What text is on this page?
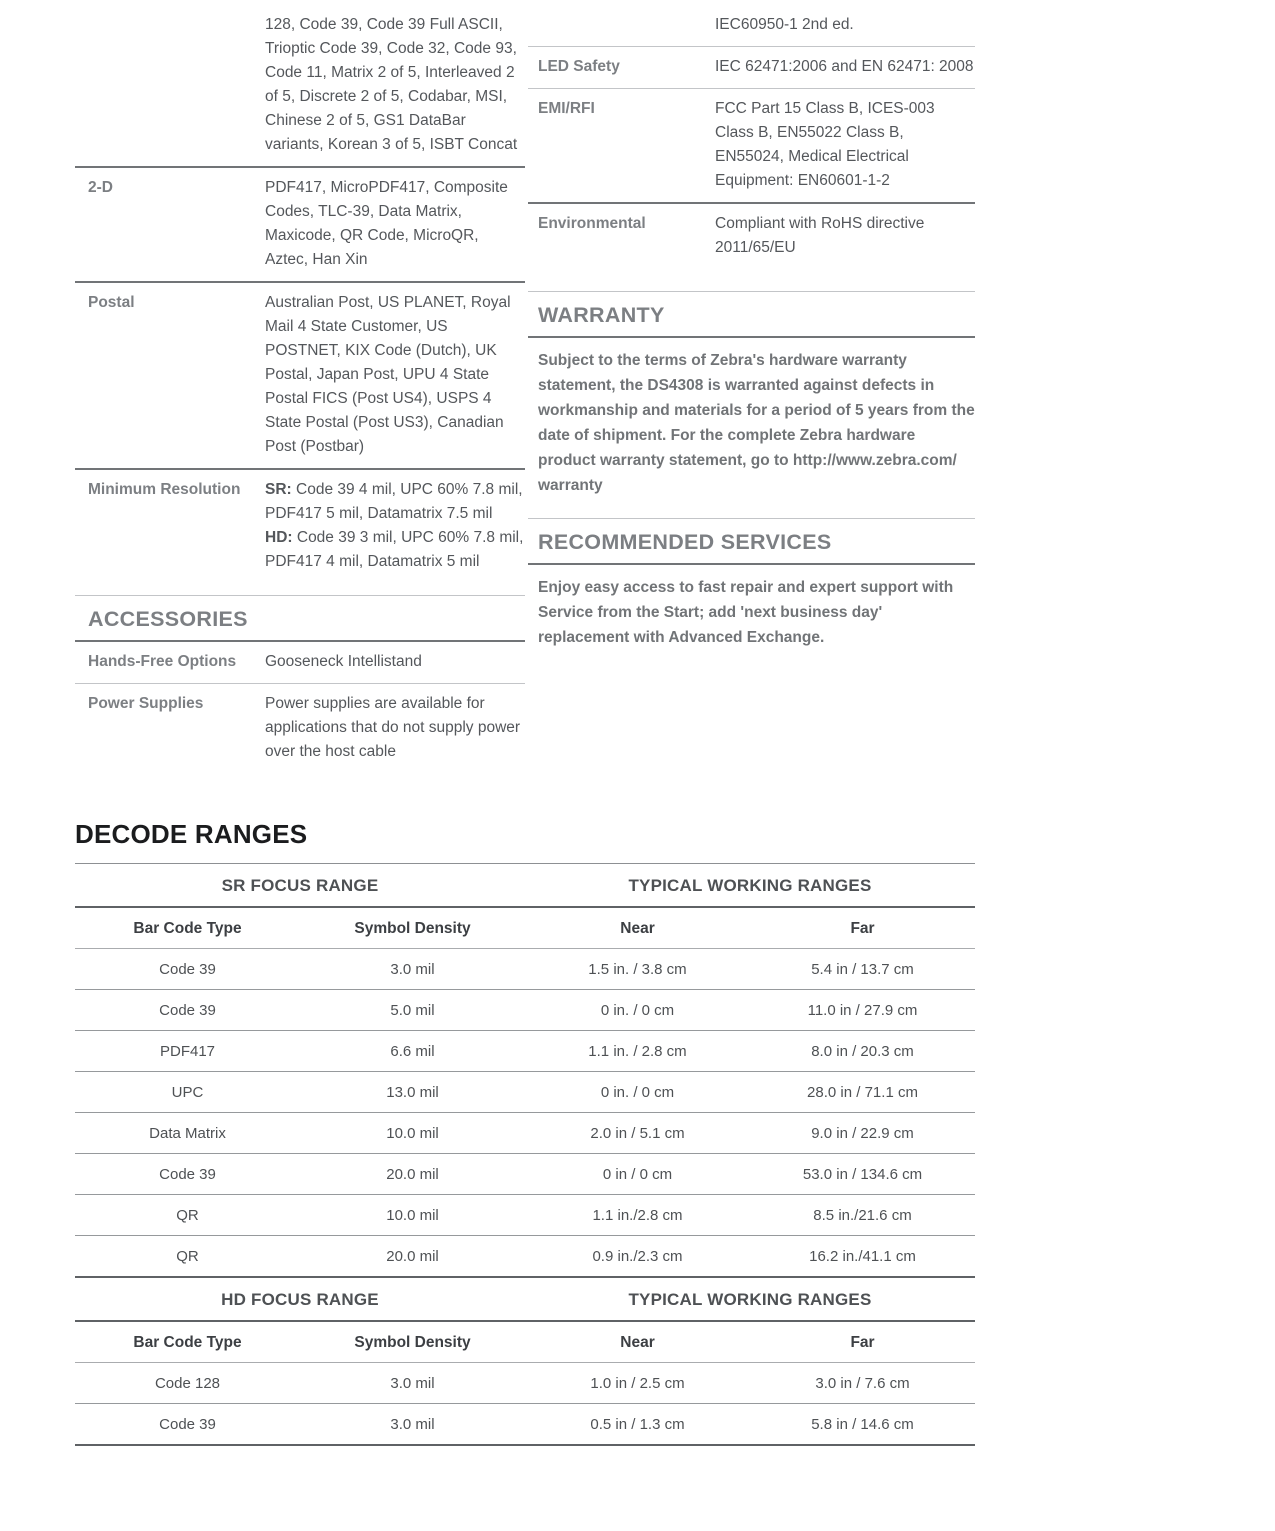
128, Code 39, Code 39 Full ASCII, Trioptic Code 39, Code 32, Code 93, Code 11, Matrix 2 of 5, Interleaved 2 of 5, Discrete 2 of 5, Codabar, MSI, Chinese 2 of 5, GS1 DataBar variants, Korean 3 of 5, ISBT Concat
2-D	PDF417, MicroPDF417, Composite Codes, TLC-39, Data Matrix, Maxicode, QR Code, MicroQR, Aztec, Han Xin
Postal	Australian Post, US PLANET, Royal Mail 4 State Customer, US POSTNET, KIX Code (Dutch), UK Postal, Japan Post, UPU 4 State Postal FICS (Post US4), USPS 4 State Postal (Post US3), Canadian Post (Postbar)
Minimum Resolution	SR: Code 39 4 mil, UPC 60% 7.8 mil, PDF417 5 mil, Datamatrix 7.5 mil
HD: Code 39 3 mil, UPC 60% 7.8 mil, PDF417 4 mil, Datamatrix 5 mil
ACCESSORIES
Hands-Free Options	Gooseneck Intellistand
Power Supplies	Power supplies are available for applications that do not supply power over the host cable
IEC60950-1 2nd ed.
LED Safety	IEC 62471:2006 and EN 62471: 2008
EMI/RFI	FCC Part 15 Class B, ICES-003 Class B, EN55022 Class B, EN55024, Medical Electrical Equipment: EN60601-1-2
Environmental	Compliant with RoHS directive 2011/65/EU
WARRANTY

Subject to the terms of Zebra's hardware warranty statement, the DS4308 is warranted against defects in workmanship and materials for a period of 5 years from the date of shipment. For the complete Zebra hardware product warranty statement, go to http://www.zebra.com/ warranty

RECOMMENDED SERVICES

Enjoy easy access to fast repair and expert support with Service from the Start; add 'next business day' replacement with Advanced Exchange.

DECODE RANGES
SR FOCUS RANGE	TYPICAL WORKING RANGES
Bar Code Type	Symbol Density	Near	Far
Code 39	3.0 mil	1.5 in. / 3.8 cm	5.4 in / 13.7 cm
Code 39	5.0 mil	0 in. / 0 cm	11.0 in / 27.9 cm
PDF417	6.6 mil	1.1 in. / 2.8 cm	8.0 in / 20.3 cm
UPC	13.0 mil	0 in. / 0 cm	28.0 in / 71.1 cm
Data Matrix	10.0 mil	2.0 in / 5.1 cm	9.0 in / 22.9 cm
Code 39	20.0 mil	0 in / 0 cm	53.0 in / 134.6 cm
QR	10.0 mil	1.1 in./2.8 cm	8.5 in./21.6 cm
QR	20.0 mil	0.9 in./2.3 cm	16.2 in./41.1 cm
HD FOCUS RANGE	TYPICAL WORKING RANGES
Bar Code Type	Symbol Density	Near	Far
Code 128	3.0 mil	1.0 in / 2.5 cm	3.0 in / 7.6 cm
Code 39	3.0 mil	0.5 in / 1.3 cm	5.8 in / 14.6 cm
